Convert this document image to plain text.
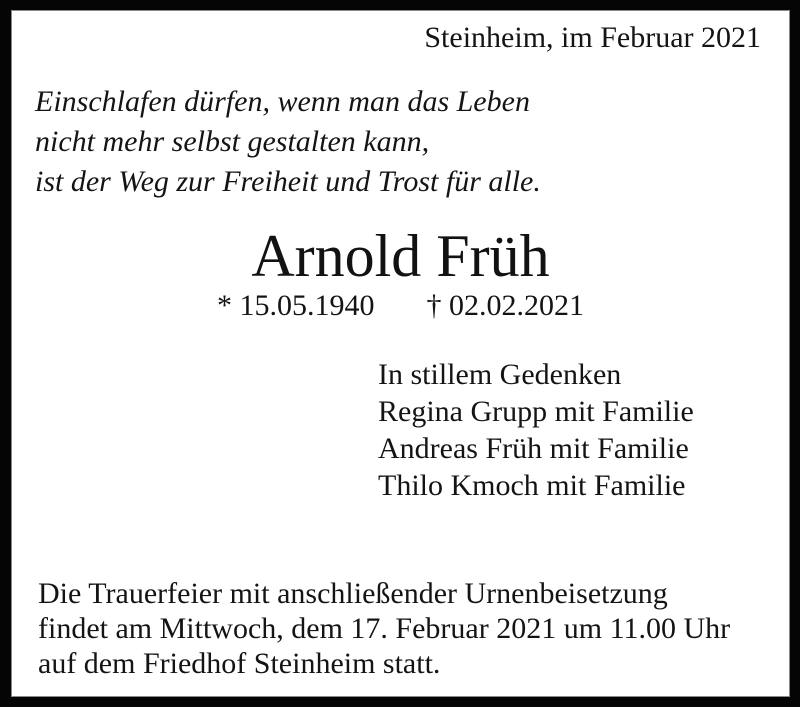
Steinheim, im Februar 2021
Einschlafen dürfen, wenn man das Leben
nicht mehr selbst gestalten kann,
ist der Weg zur Freiheit und Trost für alle.
Arnold Früh
* 15.05.1940 † 02.02.2021
In stillem Gedenken
Regina Grupp mit Familie
Andreas Früh mit Familie
Thilo Kmoch mit Familie
Die Trauerfeier mit anschließender Urnenbeisetzung
findet am Mittwoch, dem 17. Februar 2021 um 11.00 Uhr
auf dem Friedhof Steinheim statt.
